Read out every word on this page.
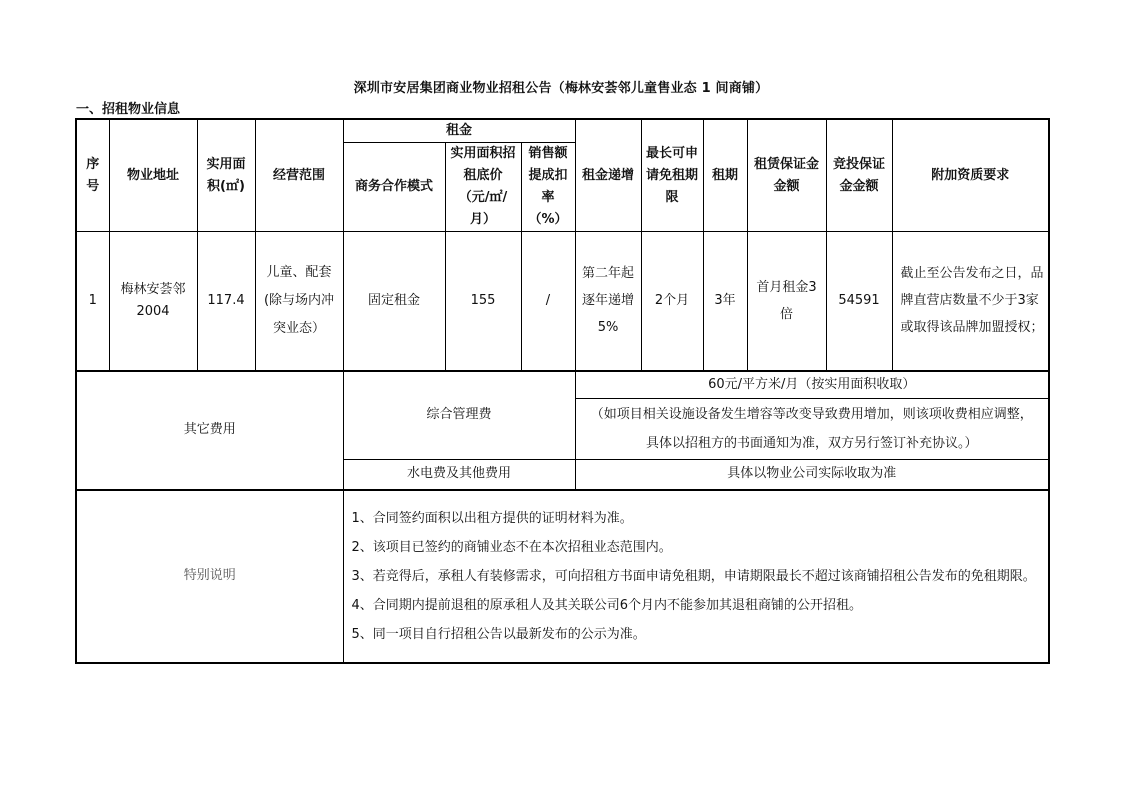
深圳市安居集团商业物业招租公告（梅林安荟邻儿童售业态 1 间商铺）
一、招租物业信息
序号	物业地址	实用面积(㎡)	经营范围	租金			租金递增	最长可申请免租期限	租期	租赁保证金金额	竞投保证金金额	附加资质要求
				商务合作模式	实用面积招租底价（元/㎡/月）	销售额提成扣率（%）						
1	梅林安荟邻2004	117.4	儿童、配套(除与场内冲突业态）	固定租金	155	/	第二年起逐年递增5%	2个月	3年	首月租金3倍	54591	截止至公告发布之日，品牌直营店数量不少于3家或取得该品牌加盟授权；
其它费用				综合管理费			60元/平方米/月（按实用面积收取）					
							（如项目相关设施设备发生增容等改变导致费用增加，则该项收费相应调整，具体以招租方的书面通知为准，双方另行签订补充协议。）					
				水电费及其他费用			具体以物业公司实际收取为准					
特别说明				1、合同签约面积以出租方提供的证明材料为准。
2、该项目已签约的商铺业态不在本次招租业态范围内。
3、若竞得后，承租人有装修需求，可向招租方书面申请免租期，申请期限最长不超过该商铺招租公告发布的免租期限。
4、合同期内提前退租的原承租人及其关联公司6个月内不能参加其退租商铺的公开招租。
5、同一项目自行招租公告以最新发布的公示为准。								
